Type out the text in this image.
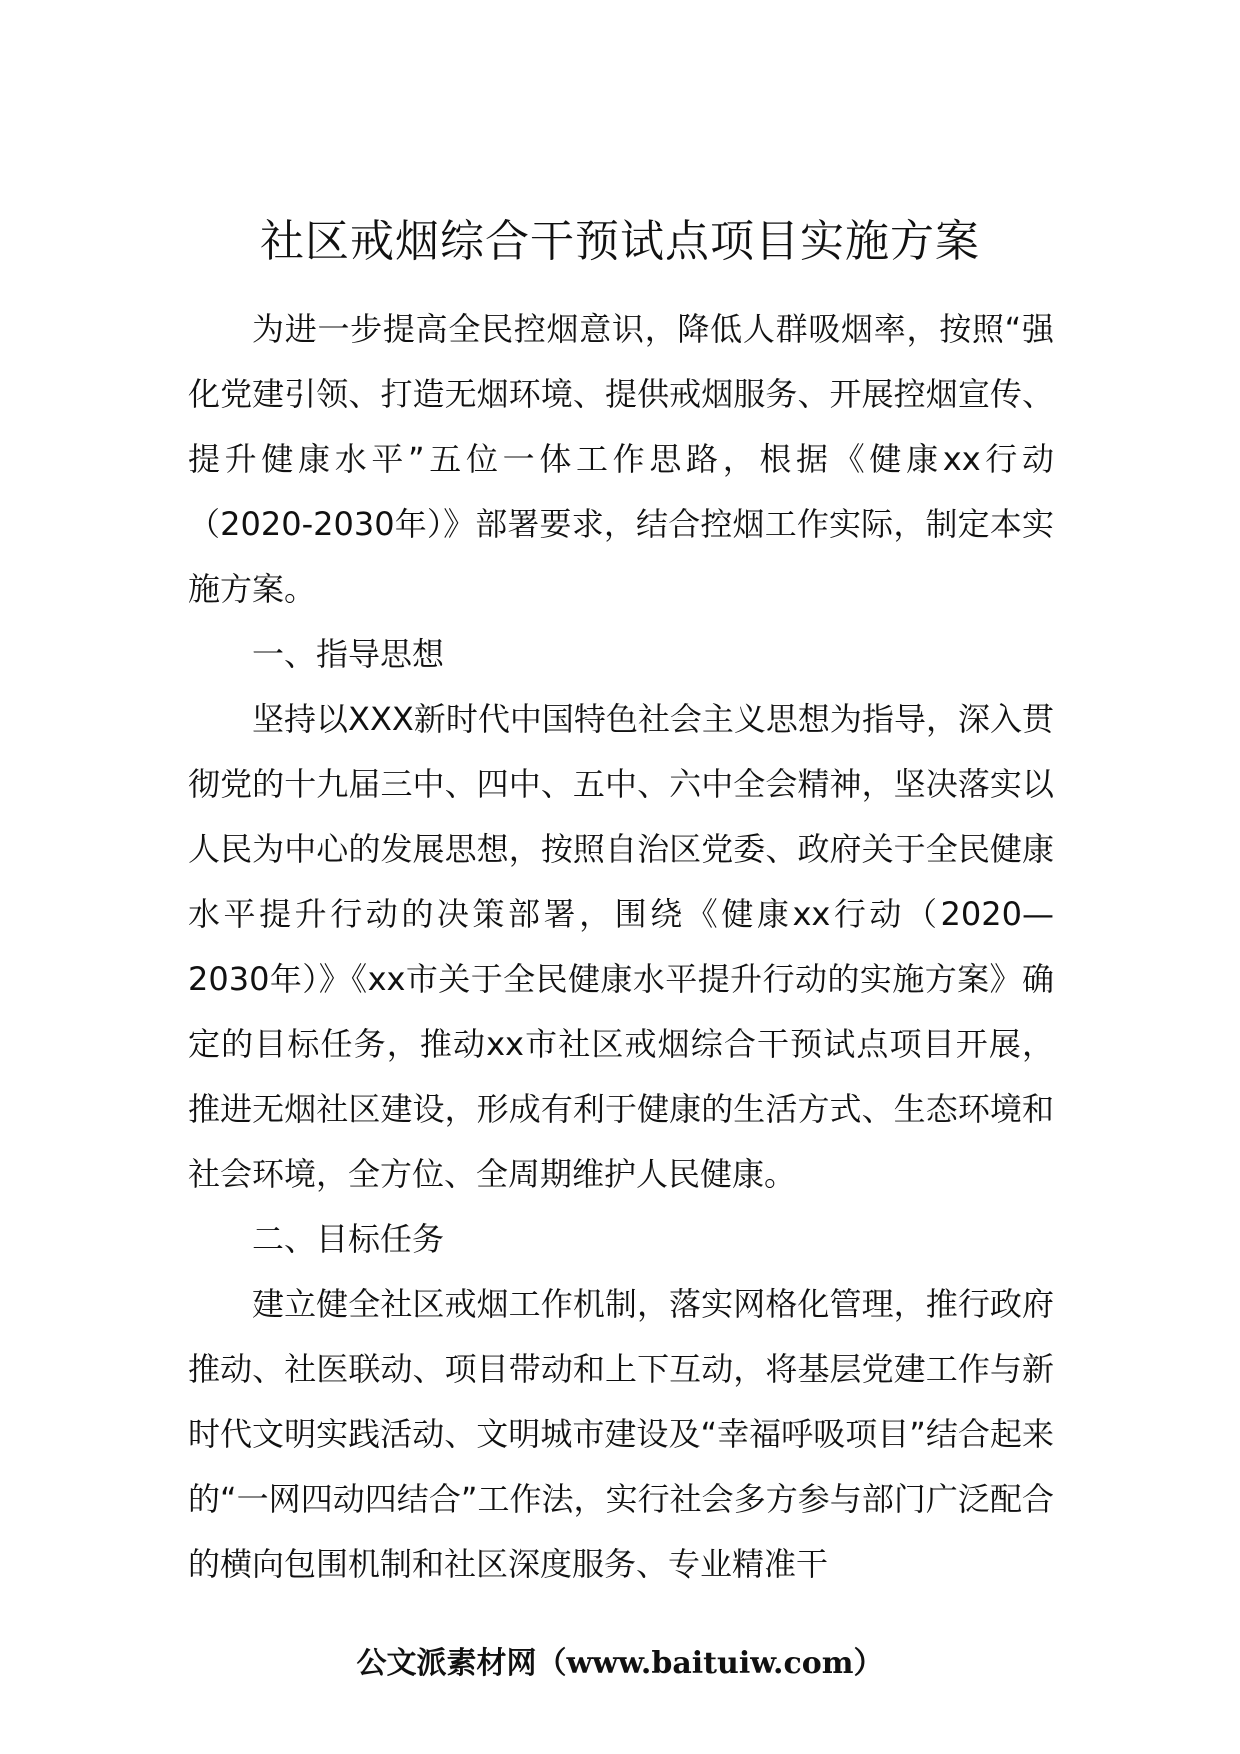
社区戒烟综合干预试点项目实施方案

为进一步提高全民控烟意识，降低人群吸烟率，按照“强化党建引领、打造无烟环境、提供戒烟服务、开展控烟宣传、提升健康水平”五位一体工作思路，根据《健康xx行动（2020-2030年）》部署要求，结合控烟工作实际，制定本实施方案。

一、指导思想

坚持以XXX新时代中国特色社会主义思想为指导，深入贯彻党的十九届三中、四中、五中、六中全会精神，坚决落实以人民为中心的发展思想，按照自治区党委、政府关于全民健康水平提升行动的决策部署，围绕《健康xx行动（2020—2030年）》《xx市关于全民健康水平提升行动的实施方案》确定的目标任务，推动xx市社区戒烟综合干预试点项目开展，推进无烟社区建设，形成有利于健康的生活方式、生态环境和社会环境，全方位、全周期维护人民健康。

二、目标任务

建立健全社区戒烟工作机制，落实网格化管理，推行政府推动、社医联动、项目带动和上下互动，将基层党建工作与新时代文明实践活动、文明城市建设及“幸福呼吸项目”结合起来的“一网四动四结合”工作法，实行社会多方参与部门广泛配合的横向包围机制和社区深度服务、专业精准干

公文派素材网（www.baituiw.com）
